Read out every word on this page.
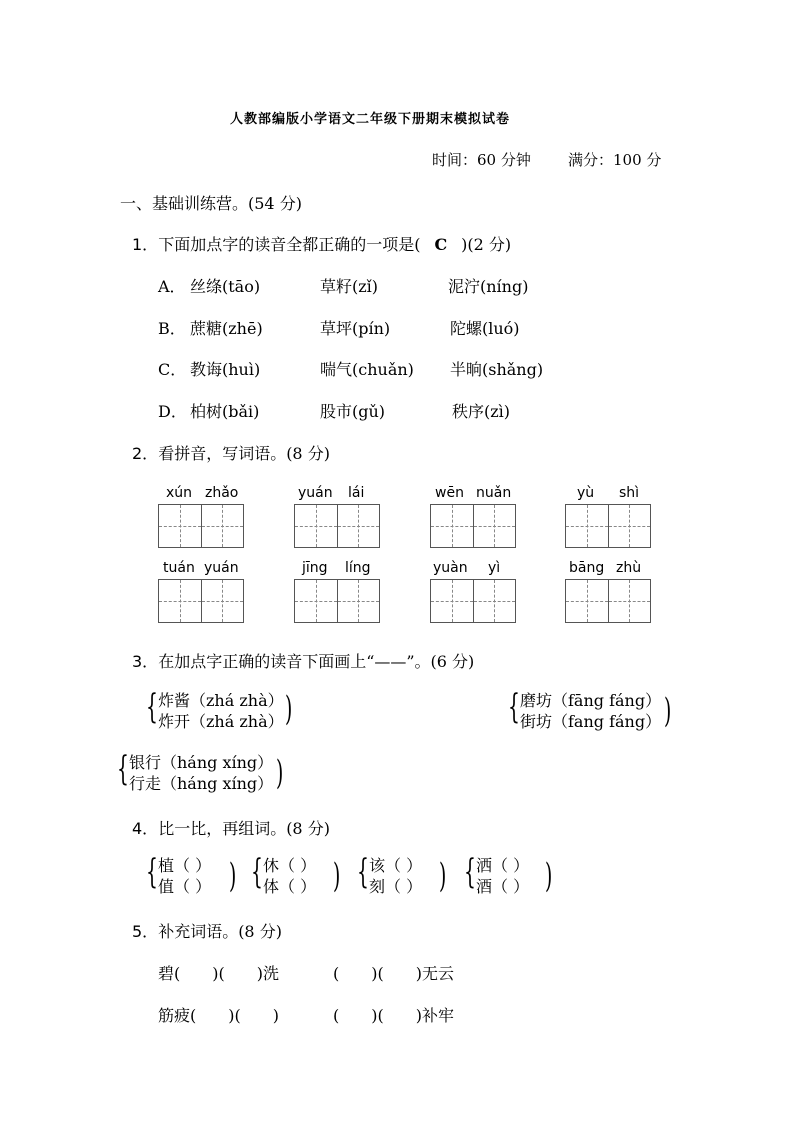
人教部编版小学语文二年级下册期末模拟试卷
时间：60 分钟 满分：100 分
一、基础训练营。(54 分)
1．下面加点字的读音全都正确的一项是( C )(2 分)
A． 丝绦(tāo)	草籽(zǐ)	泥泞(níng)
B． 蔗糖(zhē)	草坪(pín)	陀螺(luó)
C． 教诲(huì)	喘气(chuǎn) 半晌(shǎng)
D． 柏树(bǎi)	股市(gǔ)	秩序(zì)
2．看拼音，写词语。(8 分)
xún zhǎo	yuán lái	wēn nuǎn	yù shì
tuán yuán	jīng líng	yuàn yì	bāng zhù
3．在加点字正确的读音下面画上“——”。(6 分)
{ 炸酱（zhá zhà）
炸开（zhá zhà） )	{ 磨坊（fāng fáng）
街坊（fang fáng） )
{ 银行（háng xíng）
行走（háng xíng） )
4．比一比，再组词。(8 分)
{ 植（ ）
值（ ） ) { 休（ ）
体（ ） ) { 该（ ）
刻（ ） ) { 洒（ ）
酒（ ） )
5．补充词语。(8 分)
碧(　　)(　　)洗	(　　)(　　)无云
筋疲(　　)(　　)	(　　)(　　)补牢
